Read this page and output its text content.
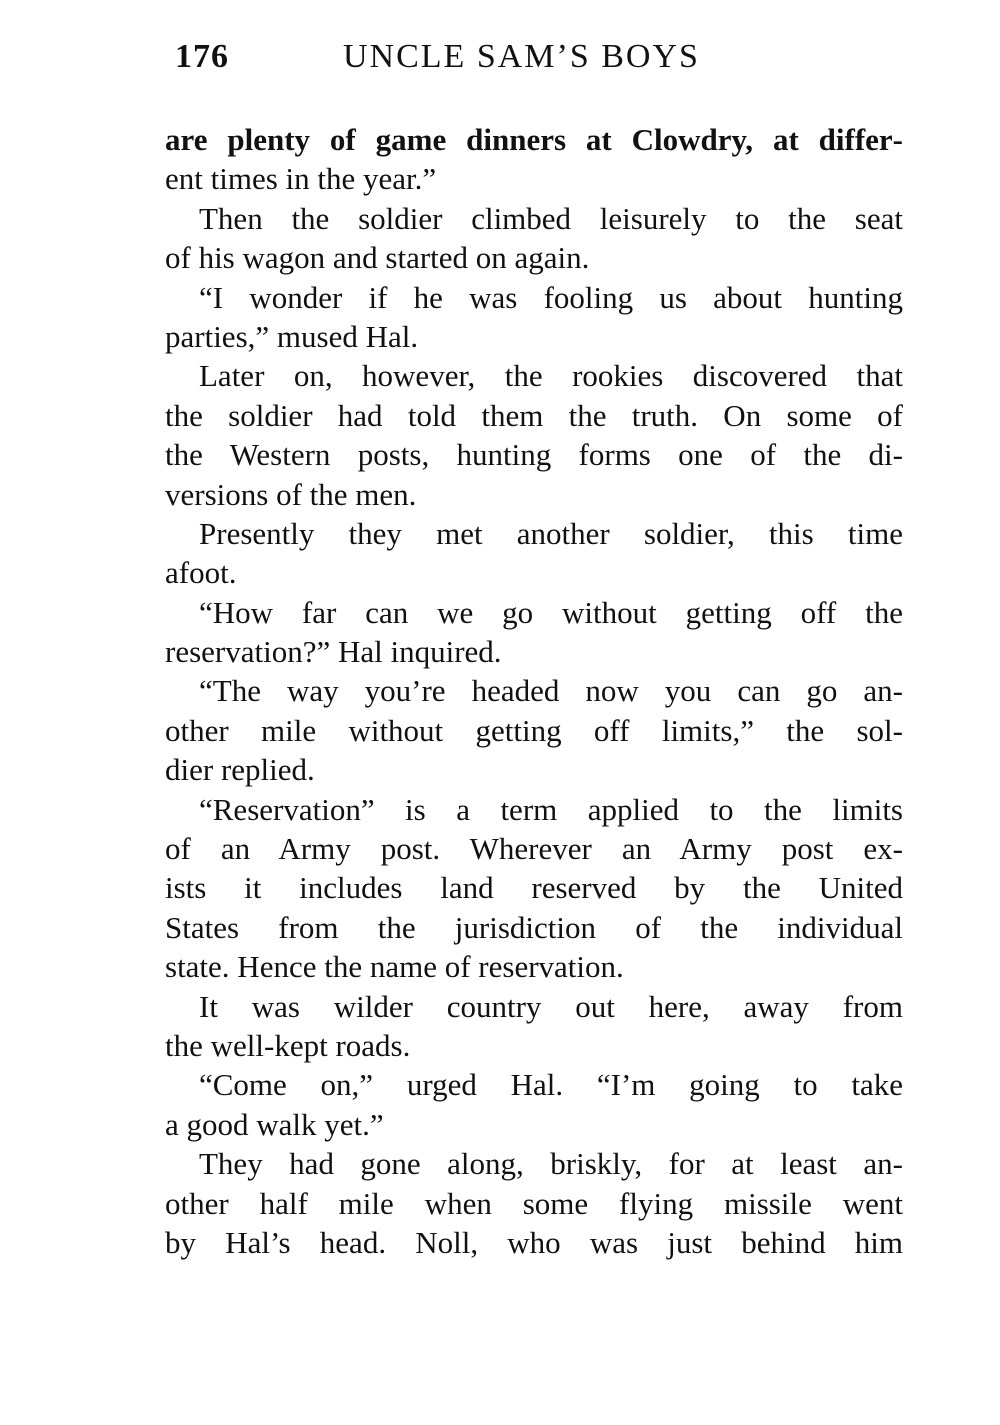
176	UNCLE SAM’S BOYS
are plenty of game dinners at Clowdry, at differ‑
ent times in the year.”
Then the soldier climbed leisurely to the seat
of his wagon and started on again.
“I wonder if he was fooling us about hunting
parties,” mused Hal.
Later on, however, the rookies discovered that
the soldier had told them the truth. On some of
the Western posts, hunting forms one of the di-
versions of the men.
Presently they met another soldier, this time
afoot.
“How far can we go without getting off the
reservation?” Hal inquired.
“The way you’re headed now you can go an-
other mile without getting off limits,” the sol-
dier replied.
“Reservation” is a term applied to the limits
of an Army post. Wherever an Army post ex-
ists it includes land reserved by the United
States from the jurisdiction of the individual
state. Hence the name of reservation.
It was wilder country out here, away from
the well-kept roads.
“Come on,” urged Hal. “I’m going to take
a good walk yet.”
They had gone along, briskly, for at least an-
other half mile when some flying missile went
by Hal’s head. Noll, who was just behind him
